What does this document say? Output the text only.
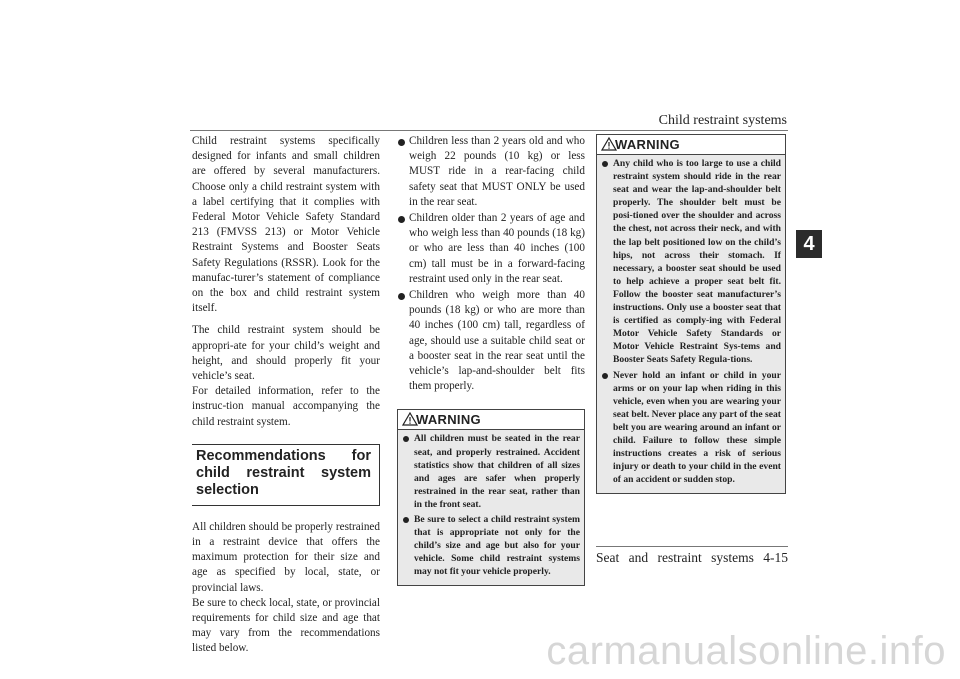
Child restraint systems
4

Child restraint systems specifically designed for infants and small children are offered by several manufacturers. Choose only a child restraint system with a label certifying that it complies with Federal Motor Vehicle Safety Standard 213 (FMVSS 213) or Motor Vehicle Restraint Systems and Booster Seats Safety Regulations (RSSR). Look for the manufac-turer’s statement of compliance on the box and child restraint system itself.

The child restraint system should be appropri-ate for your child’s weight and height, and should properly fit your vehicle’s seat.

For detailed information, refer to the instruc-tion manual accompanying the child restraint system.

Recommendations for child restraint system selection

All children should be properly restrained in a restraint device that offers the maximum protection for their size and age as specified by local, state, or provincial laws.

Be sure to check local, state, or provincial requirements for child size and age that may vary from the recommendations listed below.

Children less than 2 years old and who weigh 22 pounds (10 kg) or less MUST ride in a rear-facing child safety seat that MUST ONLY be used in the rear seat.
Children older than 2 years of age and who weigh less than 40 pounds (18 kg) or who are less than 40 inches (100 cm) tall must be in a forward-facing restraint used only in the rear seat.
Children who weigh more than 40 pounds (18 kg) or who are more than 40 inches (100 cm) tall, regardless of age, should use a suitable child seat or a booster seat in the rear seat until the vehicle’s lap-and-shoulder belt fits them properly.
WARNING
All children must be seated in the rear seat, and properly restrained. Accident statistics show that children of all sizes and ages are safer when properly restrained in the rear seat, rather than in the front seat.
Be sure to select a child restraint system that is appropriate not only for the child’s size and age but also for your vehicle. Some child restraint systems may not fit your vehicle properly.
WARNING
Any child who is too large to use a child restraint system should ride in the rear seat and wear the lap-and-shoulder belt properly. The shoulder belt must be posi-tioned over the shoulder and across the chest, not across their neck, and with the lap belt positioned low on the child’s hips, not across their stomach. If necessary, a booster seat should be used to help achieve a proper seat belt fit. Follow the booster seat manufacturer’s instructions. Only use a booster seat that is certified as comply-ing with Federal Motor Vehicle Safety Standards or Motor Vehicle Restraint Sys-tems and Booster Seats Safety Regula-tions.
Never hold an infant or child in your arms or on your lap when riding in this vehicle, even when you are wearing your seat belt. Never place any part of the seat belt you are wearing around an infant or child. Failure to follow these simple instructions creates a risk of serious injury or death to your child in the event of an accident or sudden stop.
Seat and restraint systems 4-15
carmanualsonline.info
